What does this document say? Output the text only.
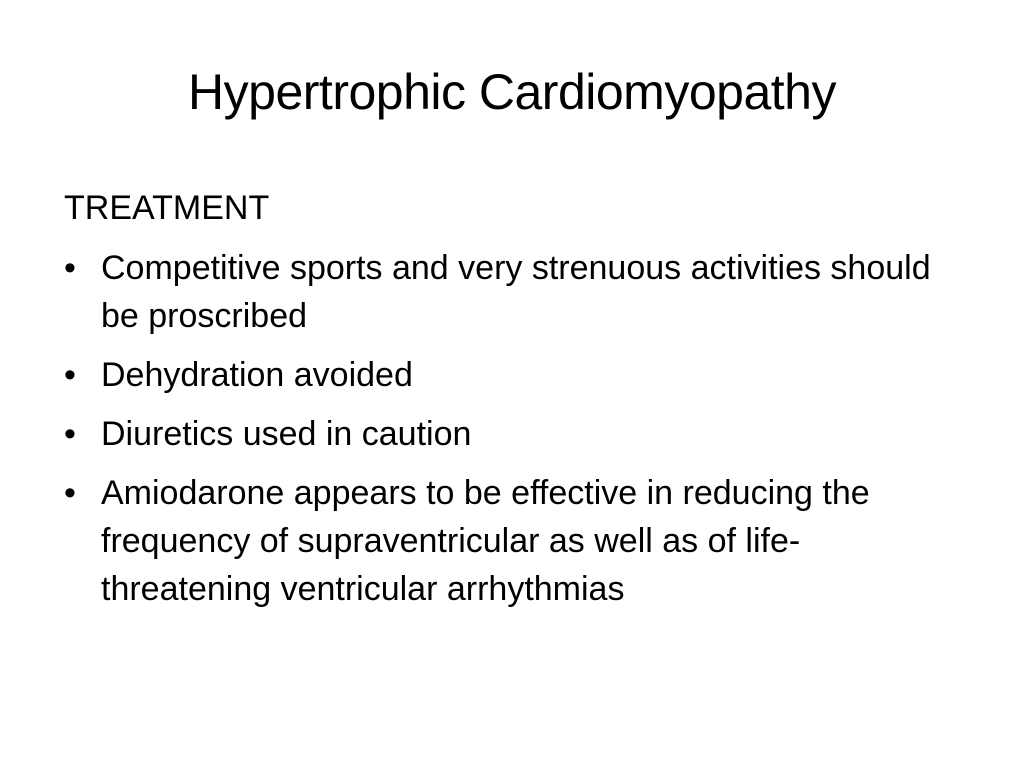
Hypertrophic Cardiomyopathy
TREATMENT
• Competitive sports and very strenuous activities should be proscribed
• Dehydration avoided
• Diuretics used in caution
• Amiodarone appears to be effective in reducing the frequency of supraventricular as well as of life-threatening ventricular arrhythmias
